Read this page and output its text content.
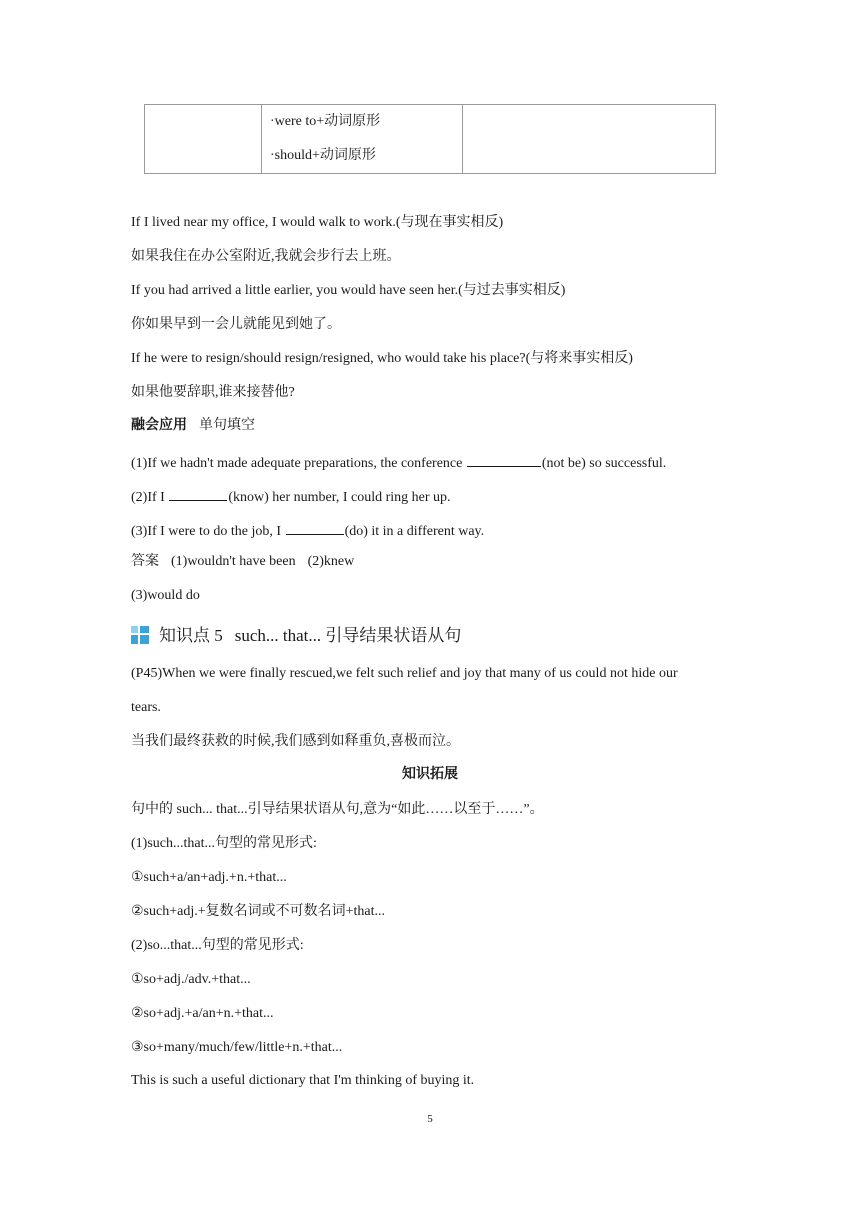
·were to+动词原形
·should+动词原形

If I lived near my office, I would walk to work.(与现在事实相反)
如果我住在办公室附近,我就会步行去上班。
If you had arrived a little earlier, you would have seen her.(与过去事实相反)
你如果早到一会儿就能见到她了。
If he were to resign/should resign/resigned, who would take his place?(与将来事实相反)
如果他要辞职,谁来接替他?
融会应用 单句填空
(1)If we hadn't made adequate preparations, the conference	(not be) so successful.
(2)If I	(know) her number, I could ring her up.
(3)If I were to do the job, I	(do) it in a different way.
答案 (1)wouldn't have been (2)knew
(3)would do
知识点 5 such... that... 引导结果状语从句
(P45)When we were finally rescued,we felt such relief and joy that many of us could not hide our
tears.
当我们最终获救的时候,我们感到如释重负,喜极而泣。
知识拓展
句中的 such... that...引导结果状语从句,意为“如此……以至于……”。
(1)such...that...句型的常见形式:
①such+a/an+adj.+n.+that...
②such+adj.+复数名词或不可数名词+that...
(2)so...that...句型的常见形式:
①so+adj./adv.+that...
②so+adj.+a/an+n.+that...
③so+many/much/few/little+n.+that...
This is such a useful dictionary that I'm thinking of buying it.
5
